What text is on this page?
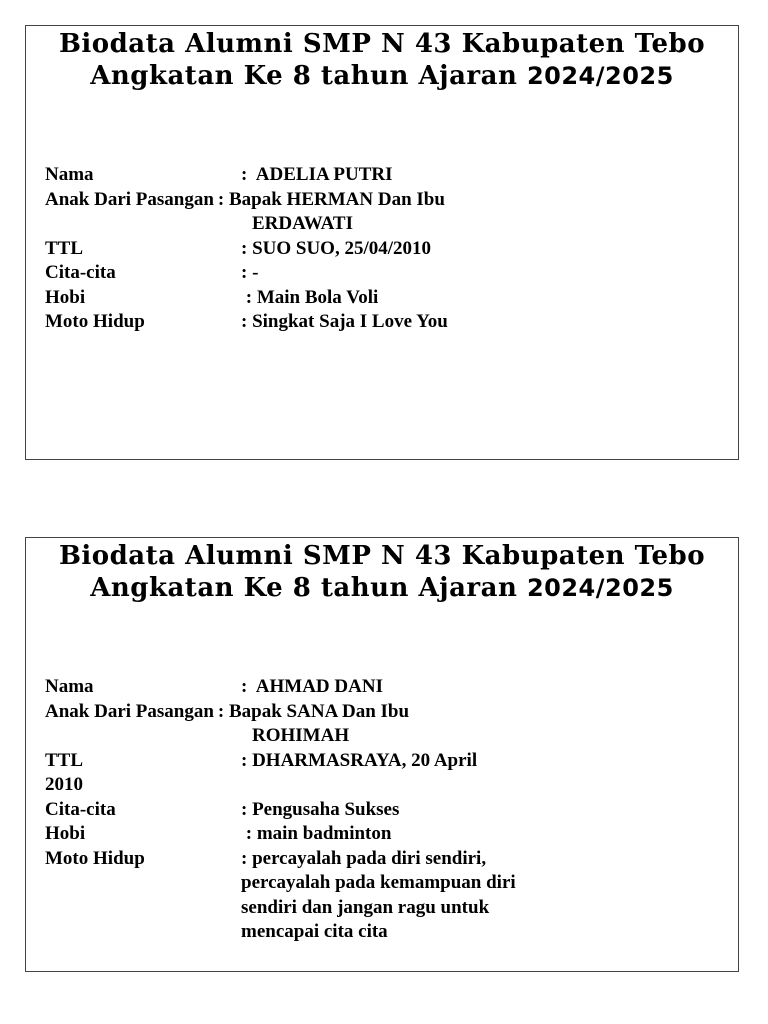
Biodata Alumni SMP N 43 Kabupaten Tebo
Angkatan Ke 8 tahun Ajaran 2024/2025
Nama	:  ADELIA PUTRI
Anak Dari Pasangan : Bapak HERMAN Dan Ibu
ERDAWATI
TTL	: SUO SUO, 25/04/2010
Cita-cita	: -
Hobi	: Main Bola Voli
Moto Hidup	: Singkat Saja I Love You
Biodata Alumni SMP N 43 Kabupaten Tebo
Angkatan Ke 8 tahun Ajaran 2024/2025
Nama	:  AHMAD DANI
Anak Dari Pasangan : Bapak SANA Dan Ibu
ROHIMAH
TTL	: DHARMASRAYA, 20 April
2010
Cita-cita	: Pengusaha Sukses
Hobi	: main badminton
Moto Hidup	: percayalah pada diri sendiri,
percayalah pada kemampuan diri sendiri dan jangan ragu untuk mencapai cita cita
